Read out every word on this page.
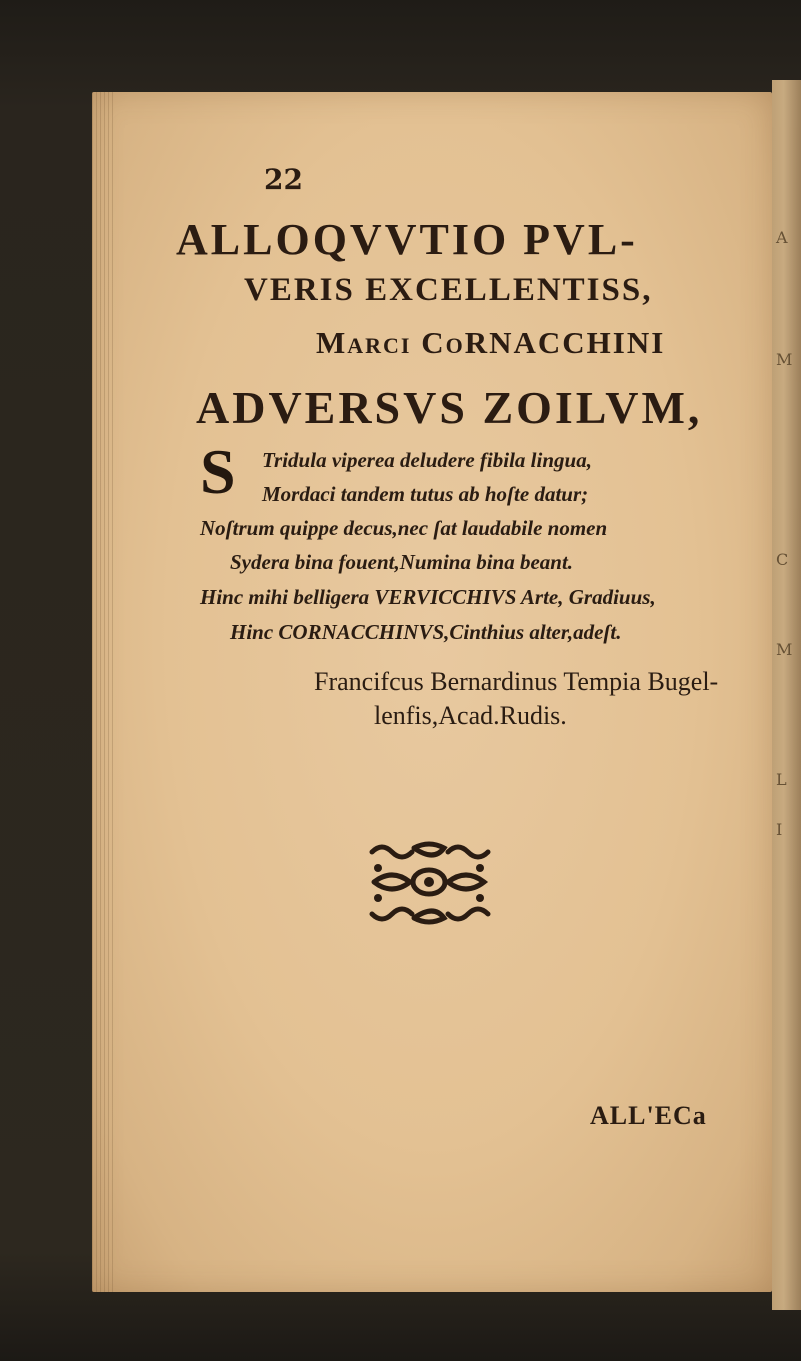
A
M
C
M
L
I
22
ALLOQVVTIO PVL-
VERIS EXCELLENTISS,
Marci CoRNACCHINI
ADVERSVS ZOILVM,
S Tridula viperea deludere fibila lingua,
Mordaci tandem tutus ab hoſte datur;
Noſtrum quippe decus,nec ſat laudabile nomen
Sydera bina fouent,Numina bina beant.
Hinc mihi belligera VERVICCHIVS Arte, Gradiuus,
Hinc CORNACCHINVS,Cinthius alter,adeſt.
Francifcus Bernardinus Tempia Bugel-
lenfis,Acad.Rudis.
ALL'ECa
